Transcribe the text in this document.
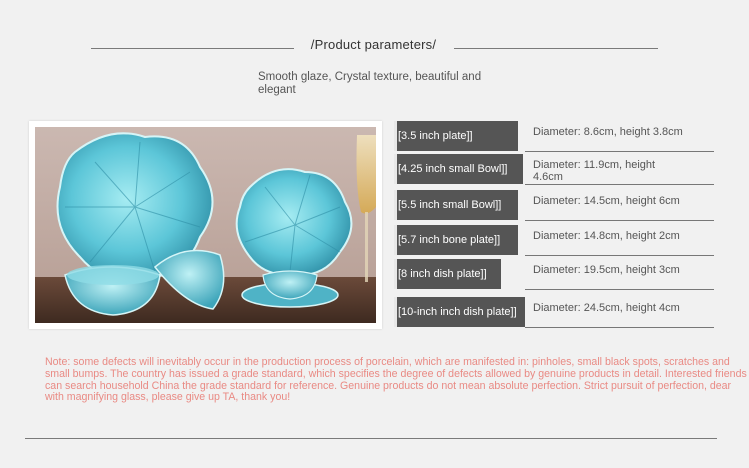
/Product parameters/
Smooth glaze, Crystal texture, beautiful and elegant
[3.5 inch plate]]	Diameter: 8.6cm, height 3.8cm
[4.25 inch small Bowl]]	Diameter: 11.9cm, height 4.6cm
[5.5 inch small Bowl]]	Diameter: 14.5cm, height 6cm
[5.7 inch bone plate]]	Diameter: 14.8cm, height 2cm
[8 inch dish plate]]	Diameter: 19.5cm, height 3cm
[10-inch inch dish plate]]	Diameter: 24.5cm, height 4cm
Note: some defects will inevitably occur in the production process of porcelain, which are manifested in: pinholes, small black spots, scratches and small bumps. The country has issued a grade standard, which specifies the degree of defects allowed by genuine products in detail. Interested friends can search household China the grade standard for reference. Genuine products do not mean absolute perfection. Strict pursuit of perfection, dear with magnifying glass, please give up TA, thank you!
